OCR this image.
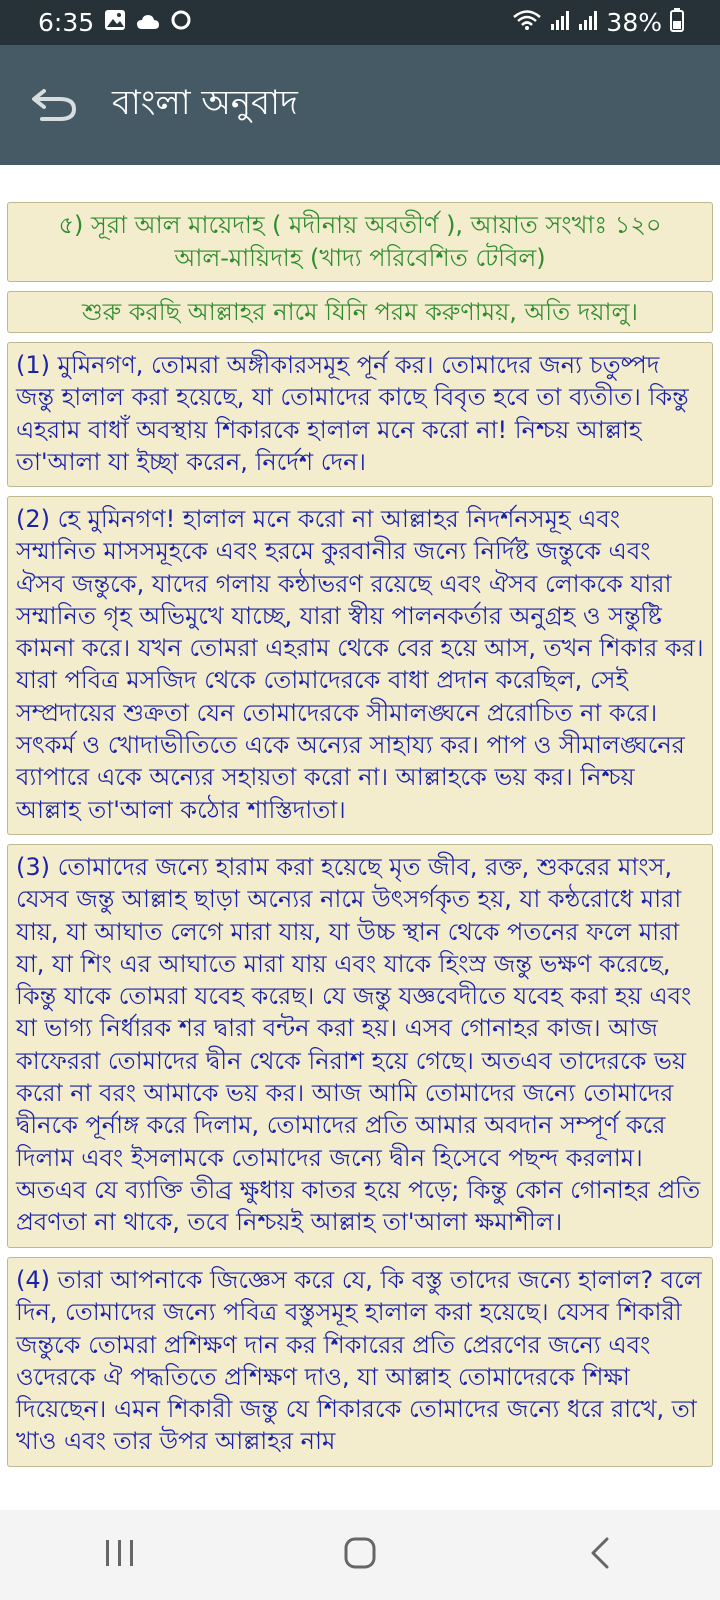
6:35	38%
বাংলা অনুবাদ
৫) সূরা আল মায়েদাহ ( মদীনায় অবতীর্ণ ), আয়াত সংখাঃ ১২০
আল-মায়িদাহ (খাদ্য পরিবেশিত টেবিল)
শুরু করছি আল্লাহর নামে যিনি পরম করুণাময়, অতি দয়ালু।
(1) মুমিনগণ, তোমরা অঙ্গীকারসমূহ পূর্ন কর। তোমাদের জন্য চতুষ্পদ জন্তু হালাল করা হয়েছে, যা তোমাদের কাছে বিবৃত হবে তা ব্যতীত। কিন্তু এহরাম বাধাঁ অবস্থায় শিকারকে হালাল মনে করো না! নিশ্চয় আল্লাহ তা'আলা যা ইচ্ছা করেন, নির্দেশ দেন।
(2) হে মুমিনগণ! হালাল মনে করো না আল্লাহর নিদর্শনসমূহ এবং সম্মানিত মাসসমূহকে এবং হরমে কুরবানীর জন্যে নির্দিষ্ট জন্তুকে এবং ঐসব জন্তুকে, যাদের গলায় কন্ঠাভরণ রয়েছে এবং ঐসব লোককে যারা সম্মানিত গৃহ অভিমুখে যাচ্ছে, যারা স্বীয় পালনকর্তার অনুগ্রহ ও সন্তুষ্টি কামনা করে। যখন তোমরা এহরাম থেকে বের হয়ে আস, তখন শিকার কর। যারা পবিত্র মসজিদ থেকে তোমাদেরকে বাধা প্রদান করেছিল, সেই সম্প্রদায়ের শুক্রতা যেন তোমাদেরকে সীমালঙ্ঘনে প্ররোচিত না করে। সৎকর্ম ও খোদাভীতিতে একে অন্যের সাহায্য কর। পাপ ও সীমালঙ্ঘনের ব্যাপারে একে অন্যের সহায়তা করো না। আল্লাহকে ভয় কর। নিশ্চয় আল্লাহ তা'আলা কঠোর শাস্তিদাতা।
(3) তোমাদের জন্যে হারাম করা হয়েছে মৃত জীব, রক্ত, শুকরের মাংস, যেসব জন্তু আল্লাহ ছাড়া অন্যের নামে উৎসর্গকৃত হয়, যা কন্ঠরোধে মারা যায়, যা আঘাত লেগে মারা যায়, যা উচ্চ স্থান থেকে পতনের ফলে মারা যা, যা শিং এর আঘাতে মারা যায় এবং যাকে হিংস্র জন্তু ভক্ষণ করেছে, কিন্তু যাকে তোমরা যবেহ করেছ। যে জন্তু যজ্ঞবেদীতে যবেহ করা হয় এবং যা ভাগ্য নির্ধারক শর দ্বারা বন্টন করা হয়। এসব গোনাহর কাজ। আজ কাফেররা তোমাদের দ্বীন থেকে নিরাশ হয়ে গেছে। অতএব তাদেরকে ভয় করো না বরং আমাকে ভয় কর। আজ আমি তোমাদের জন্যে তোমাদের দ্বীনকে পূর্নাঙ্গ করে দিলাম, তোমাদের প্রতি আমার অবদান সম্পূর্ণ করে দিলাম এবং ইসলামকে তোমাদের জন্যে দ্বীন হিসেবে পছন্দ করলাম। অতএব যে ব্যাক্তি তীব্র ক্ষুধায় কাতর হয়ে পড়ে; কিন্তু কোন গোনাহর প্রতি প্রবণতা না থাকে, তবে নিশ্চয়ই আল্লাহ তা'আলা ক্ষমাশীল।
(4) তারা আপনাকে জিজ্ঞেস করে যে, কি বস্তু তাদের জন্যে হালাল? বলে দিন, তোমাদের জন্যে পবিত্র বস্তুসমূহ হালাল করা হয়েছে। যেসব শিকারী জন্তুকে তোমরা প্রশিক্ষণ দান কর শিকারের প্রতি প্রেরণের জন্যে এবং ওদেরকে ঐ পদ্ধতিতে প্রশিক্ষণ দাও, যা আল্লাহ তোমাদেরকে শিক্ষা দিয়েছেন। এমন শিকারী জন্তু যে শিকারকে তোমাদের জন্যে ধরে রাখে, তা খাও এবং তার উপর আল্লাহর নাম
